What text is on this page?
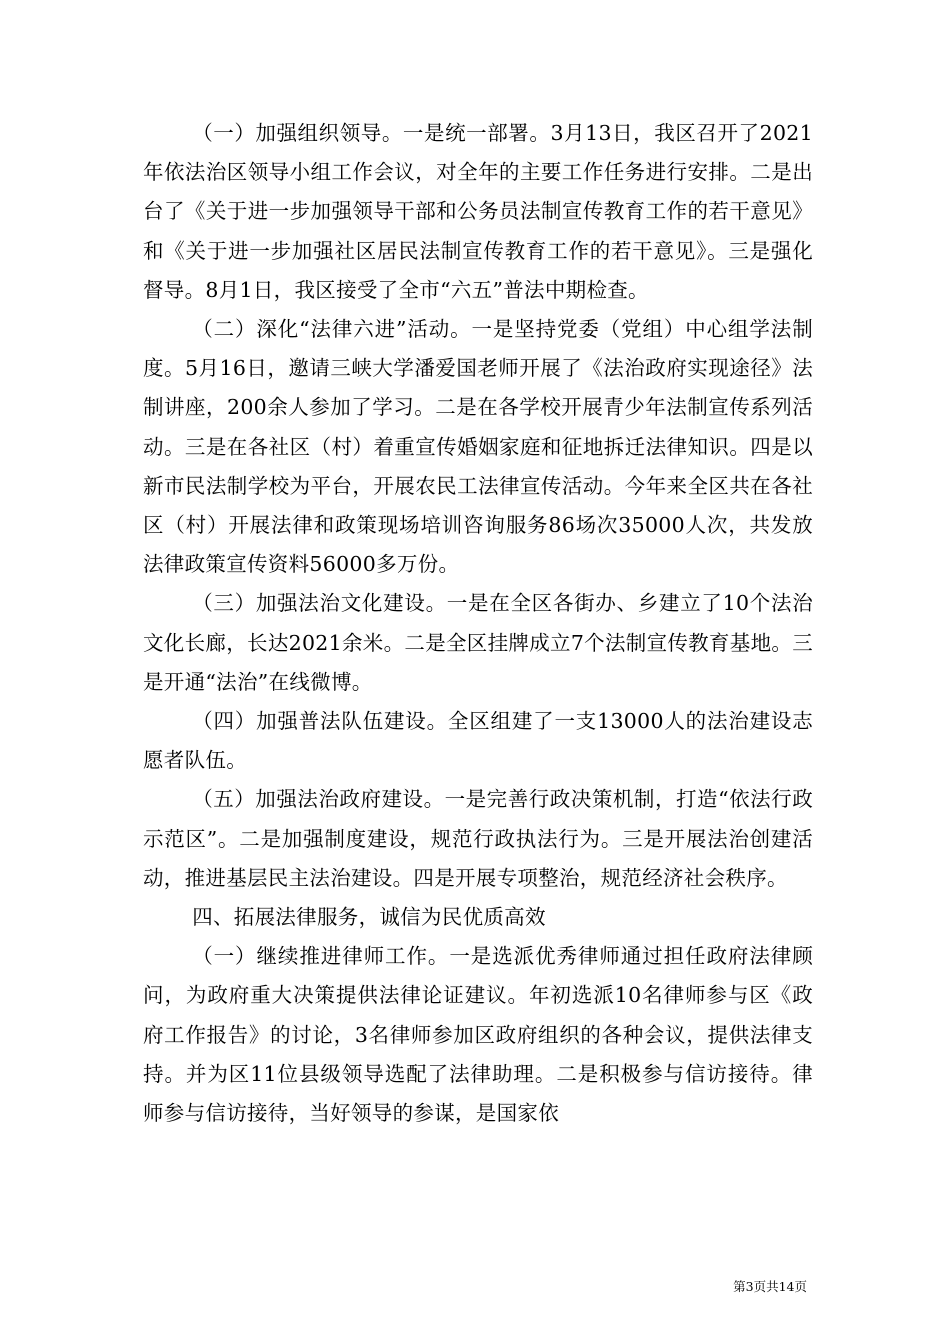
（一）加强组织领导。一是统一部署。3月13日，我区召开了2021年依法治区领导小组工作会议，对全年的主要工作任务进行安排。二是出台了《关于进一步加强领导干部和公务员法制宣传教育工作的若干意见》和《关于进一步加强社区居民法制宣传教育工作的若干意见》。三是强化督导。8月1日，我区接受了全市“六五”普法中期检查。

（二）深化“法律六进”活动。一是坚持党委（党组）中心组学法制度。5月16日，邀请三峡大学潘爱国老师开展了《法治政府实现途径》法制讲座，200余人参加了学习。二是在各学校开展青少年法制宣传系列活动。三是在各社区（村）着重宣传婚姻家庭和征地拆迁法律知识。四是以新市民法制学校为平台，开展农民工法律宣传活动。今年来全区共在各社区（村）开展法律和政策现场培训咨询服务86场次35000人次，共发放法律政策宣传资料56000多万份。

（三）加强法治文化建设。一是在全区各街办、乡建立了10个法治文化长廊，长达2021余米。二是全区挂牌成立7个法制宣传教育基地。三是开通“法治”在线微博。

（四）加强普法队伍建设。全区组建了一支13000人的法治建设志愿者队伍。

（五）加强法治政府建设。一是完善行政决策机制，打造“依法行政示范区”。二是加强制度建设，规范行政执法行为。三是开展法治创建活动，推进基层民主法治建设。四是开展专项整治，规范经济社会秩序。

四、拓展法律服务，诚信为民优质高效

（一）继续推进律师工作。一是选派优秀律师通过担任政府法律顾问，为政府重大决策提供法律论证建议。年初选派10名律师参与区《政府工作报告》的讨论，3名律师参加区政府组织的各种会议，提供法律支持。并为区11位县级领导选配了法律助理。二是积极参与信访接待。律师参与信访接待，当好领导的参谋，是国家依

第3页共14页
